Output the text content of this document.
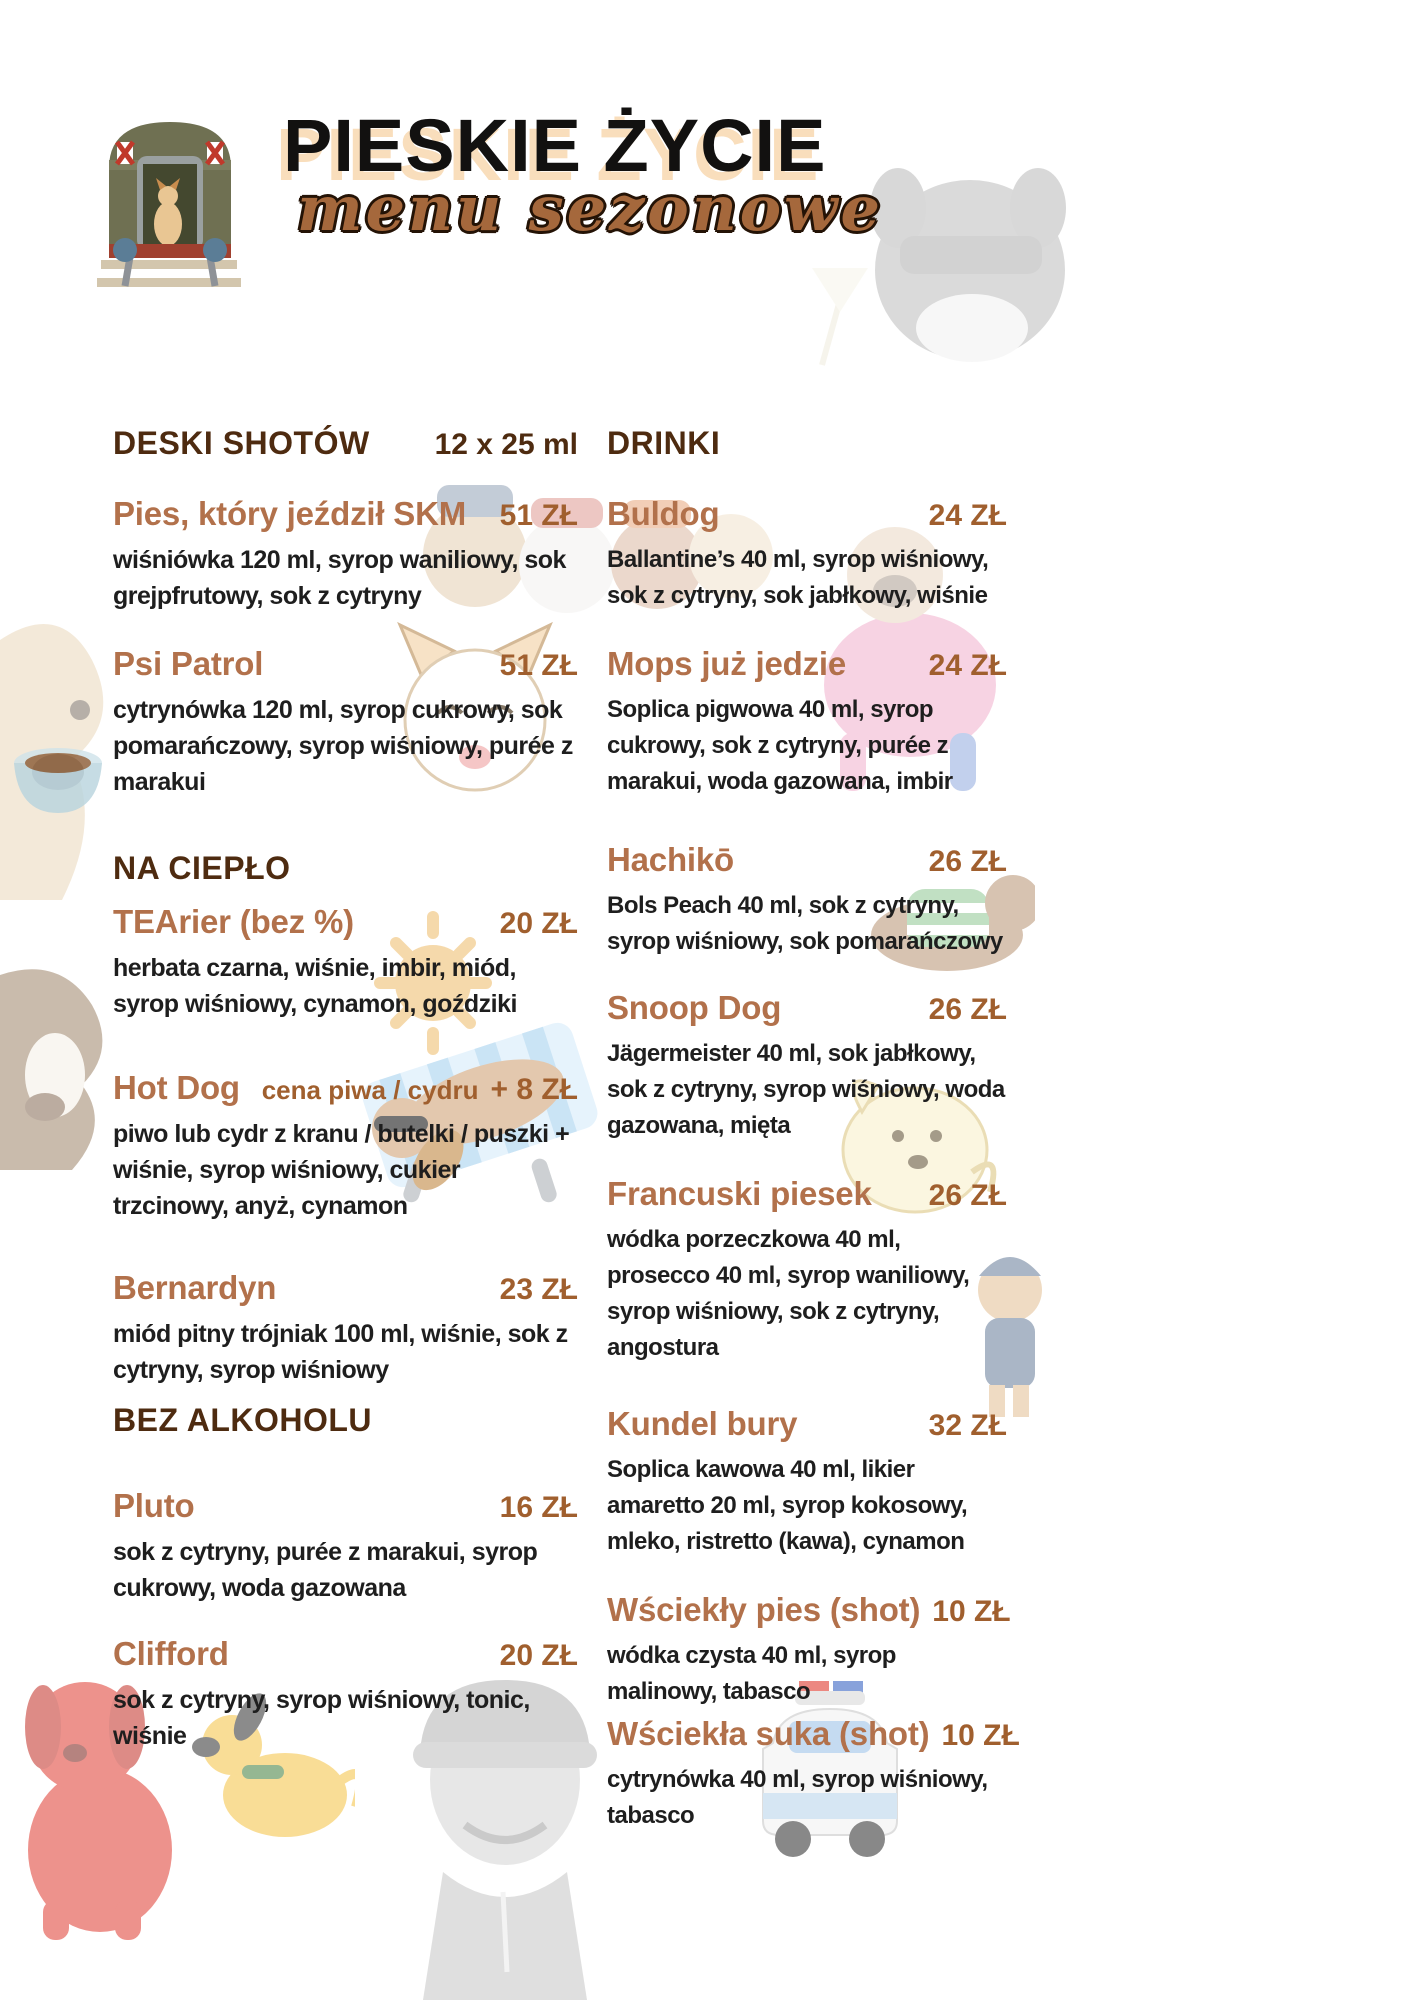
PIESKIE ŻYCIE

menu sezonowe

DESKI SHOTÓW 12 x 25 ml
Pies, który jeździł SKM 51 ZŁ

wiśniówka 120 ml, syrop waniliowy, sok grejpfrutowy, sok z cytryny

Psi Patrol	51 ZŁ

cytrynówka 120 ml, syrop cukrowy, sok pomarańczowy, syrop wiśniowy, purée z marakui

NA CIEPŁO
TEArier (bez %)	20 ZŁ

herbata czarna, wiśnie, imbir, miód, syrop wiśniowy, cynamon, goździki

Hot Dog cena piwa / cydru + 8 ZŁ

piwo lub cydr z kranu / butelki / puszki + wiśnie, syrop wiśniowy, cukier trzcinowy, anyż, cynamon

Bernardyn	23 ZŁ

miód pitny trójniak 100 ml, wiśnie, sok z cytryny, syrop wiśniowy

BEZ ALKOHOLU
Pluto	16 ZŁ

sok z cytryny, purée z marakui, syrop cukrowy, woda gazowana

Clifford	20 ZŁ

sok z cytryny, syrop wiśniowy, tonic, wiśnie

DRINKI
Buldog	24 ZŁ

Ballantine’s 40 ml, syrop wiśniowy, sok z cytryny, sok jabłkowy, wiśnie

Mops już jedzie	24 ZŁ

Soplica pigwowa 40 ml, syrop cukrowy, sok z cytryny, purée z marakui, woda gazowana, imbir

Hachikō	26 ZŁ

Bols Peach 40 ml, sok z cytryny, syrop wiśniowy, sok pomarańczowy

Snoop Dog	26 ZŁ

Jägermeister 40 ml, sok jabłkowy, sok z cytryny, syrop wiśniowy, woda gazowana, mięta

Francuski piesek 26 ZŁ

wódka porzeczkowa 40 ml, prosecco 40 ml, syrop waniliowy, syrop wiśniowy, sok z cytryny, angostura

Kundel bury	32 ZŁ

Soplica kawowa 40 ml, likier amaretto 20 ml, syrop kokosowy, mleko, ristretto (kawa), cynamon

Wściekły pies (shot) 10 ZŁ

wódka czysta 40 ml, syrop malinowy, tabasco

Wściekła suka (shot) 10 ZŁ

cytrynówka 40 ml, syrop wiśniowy, tabasco
